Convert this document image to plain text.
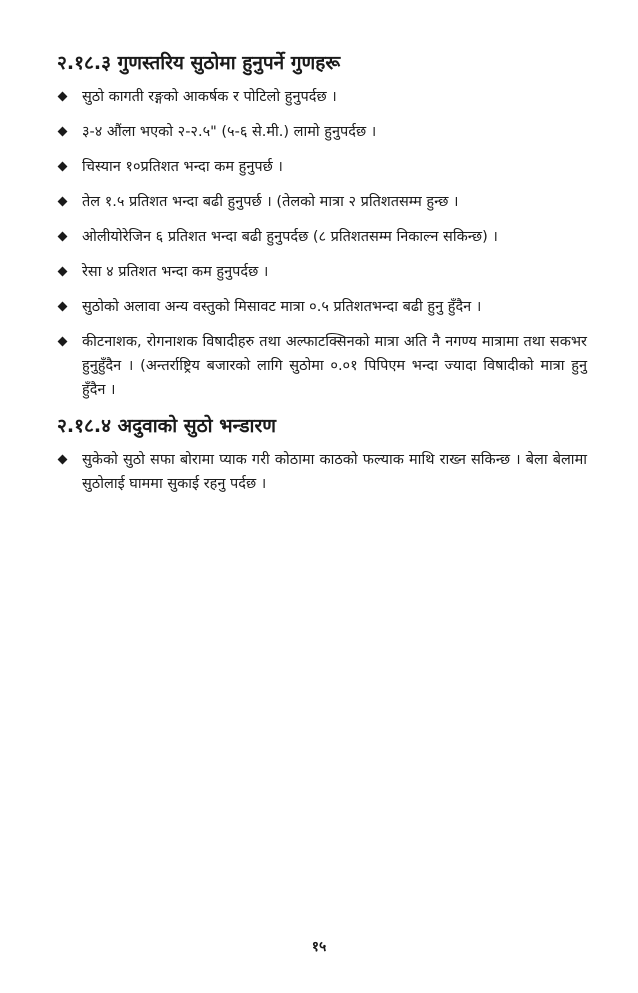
२.१८.३ गुणस्तरिय सुठोमा हुनुपर्ने गुणहरू
सुठो कागती रङ्गको आकर्षक र पोटिलो हुनुपर्दछ ।
३-४ औंला भएको २-२.५" (५-६ से.मी.) लामो हुनुपर्दछ ।
चिस्यान १०प्रतिशत भन्दा कम हुनुपर्छ ।
तेल १.५ प्रतिशत भन्दा बढी हुनुपर्छ । (तेलको मात्रा २ प्रतिशतसम्म हुन्छ ।
ओलीयोरेजिन ६ प्रतिशत भन्दा बढी हुनुपर्दछ (८ प्रतिशतसम्म निकाल्न सकिन्छ) ।
रेसा ४ प्रतिशत भन्दा कम हुनुपर्दछ ।
सुठोको अलावा अन्य वस्तुको मिसावट मात्रा ०.५ प्रतिशतभन्दा बढी हुनु हुँदैन ।
कीटनाशक, रोगनाशक विषादीहरु तथा अल्फाटक्सिनको मात्रा अति नै नगण्य मात्रामा तथा सकभर हुनुहुँदैन । (अन्तर्राष्ट्रिय बजारको लागि सुठोमा ०.०१ पिपिएम भन्दा ज्यादा विषादीको मात्रा हुनु हुँदैन ।
२.१८.४ अदुवाको सुठो भन्डारण
सुकेको सुठो सफा बोरामा प्याक गरी कोठामा काठको फल्याक माथि राख्न सकिन्छ । बेला बेलामा सुठोलाई घाममा सुकाई रहनु पर्दछ ।
१५
